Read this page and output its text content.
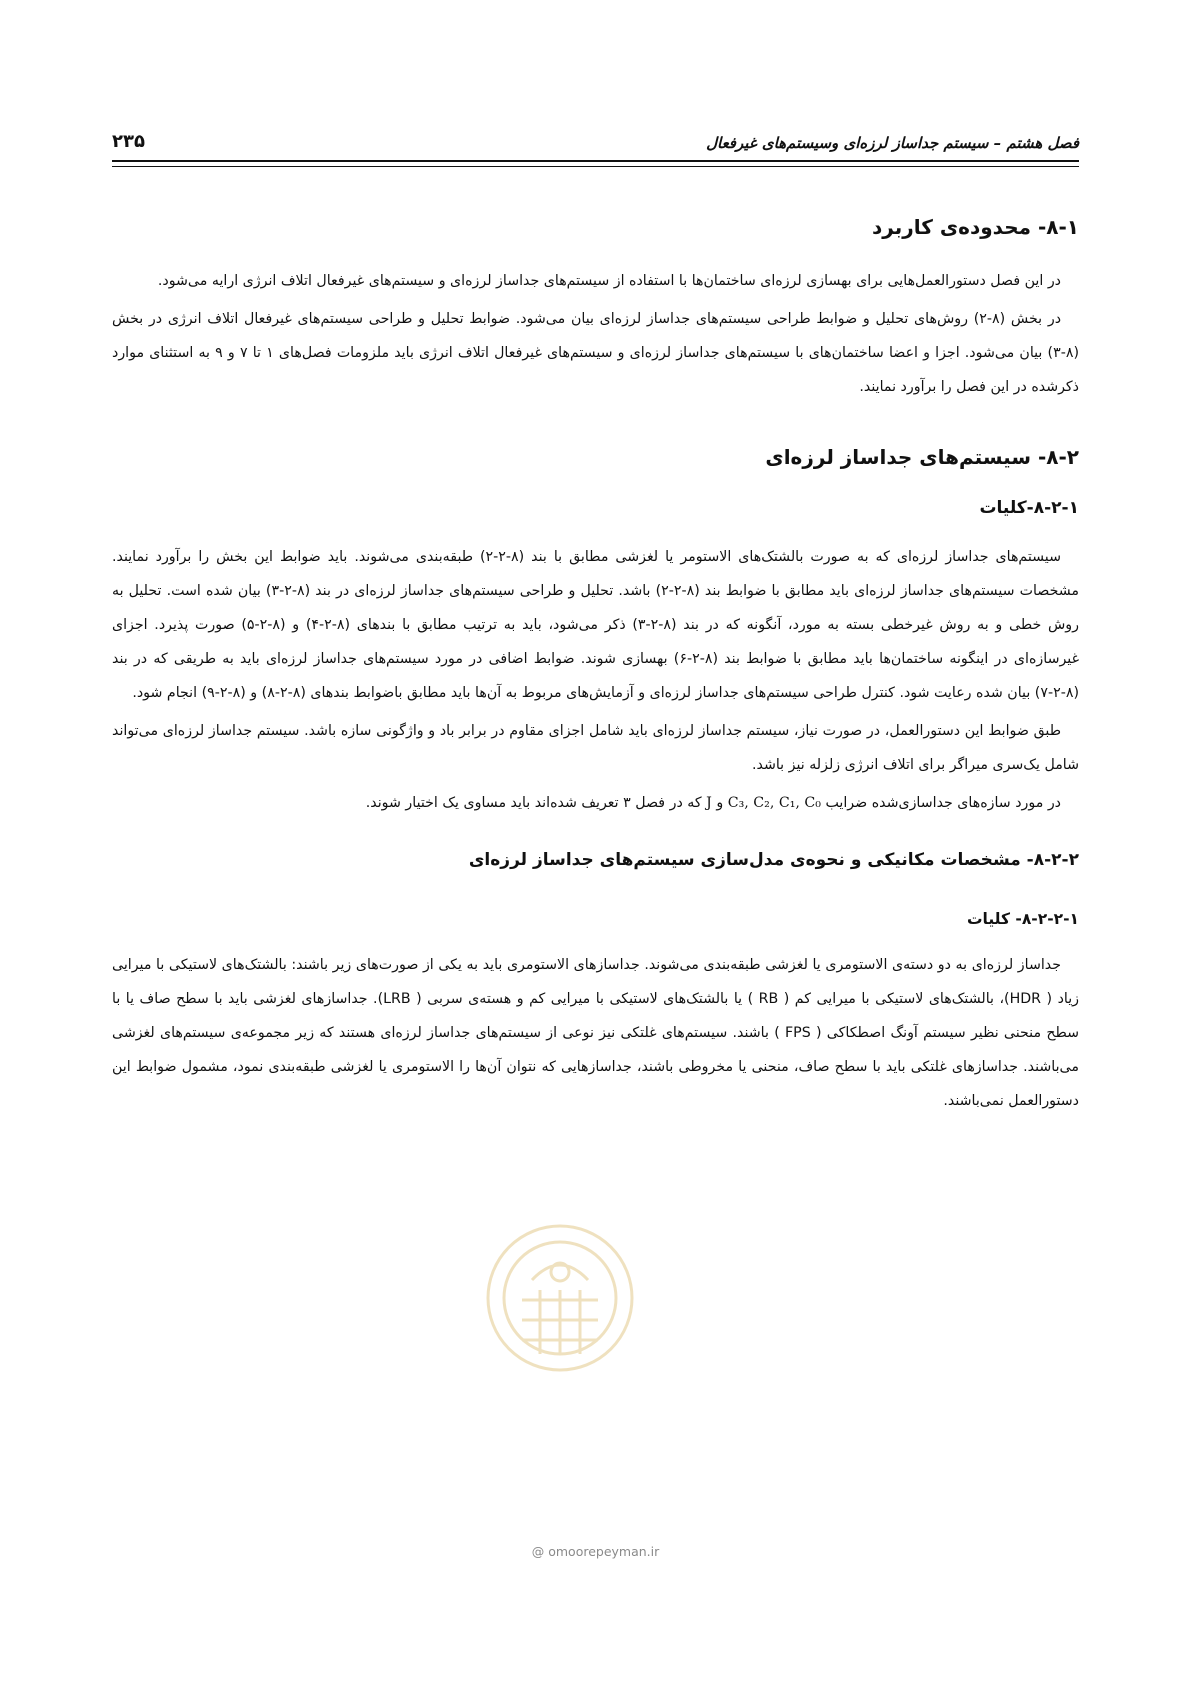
فصل هشتم – سیستم جداساز لرزه‌ای وسیستم‌های غیرفعال
۲۳۵
۸-۱- محدوده‌ی کاربرد

در این فصل دستورالعمل‌هایی برای بهسازی لرزه‌ای ساختمان‌ها با استفاده از سیستم‌های جداساز لرزه‌ای و سیستم‌های غیرفعال اتلاف انرژی ارایه می‌شود.

در بخش (۸-۲) روش‌های تحلیل و ضوابط طراحی سیستم‌های جداساز لرزه‌ای بیان می‌شود. ضوابط تحلیل و طراحی سیستم‌های غیرفعال اتلاف انرژی در بخش (۸-۳) بیان می‌شود. اجزا و اعضا ساختمان‌های با سیستم‌های جداساز لرزه‌ای و سیستم‌های غیرفعال اتلاف انرژی باید ملزومات فصل‌های ۱ تا ۷ و ۹ به استثنای موارد ذکرشده در این فصل را برآورد نمایند.

۸-۲- سیستم‌های جداساز لرزه‌ای
۸-۲-۱-کلیات

سیستم‌های جداساز لرزه‌ای که به صورت بالشتک‌های الاستومر یا لغزشی مطابق با بند (۸-۲-۲) طبقه‌بندی می‌شوند. باید ضوابط این بخش را برآورد نمایند. مشخصات سیستم‌های جداساز لرزه‌ای باید مطابق با ضوابط بند (۸-۲-۲) باشد. تحلیل و طراحی سیستم‌های جداساز لرزه‌ای در بند (۸-۲-۳) بیان شده است. تحلیل به روش خطی و به روش غیرخطی بسته به مورد، آنگونه که در بند (۸-۲-۳) ذکر می‌شود، باید به ترتیب مطابق با بندهای (۸-۲-۴) و (۸-۲-۵) صورت پذیرد. اجزای غیرسازه‌ای در اینگونه ساختمان‌ها باید مطابق با ضوابط بند (۸-۲-۶) بهسازی شوند. ضوابط اضافی در مورد سیستم‌های جداساز لرزه‌ای باید به طریقی که در بند (۸-۲-۷) بیان شده رعایت شود. کنترل طراحی سیستم‌های جداساز لرزه‌ای و آزمایش‌های مربوط به آن‌ها باید مطابق باضوابط بندهای (۸-۲-۸) و (۸-۲-۹) انجام شود.

طبق ضوابط این دستورالعمل، در صورت نیاز، سیستم جداساز لرزه‌ای باید شامل اجزای مقاوم در برابر باد و واژگونی سازه باشد. سیستم جداساز لرزه‌ای می‌تواند شامل یک‌سری میراگر برای اتلاف انرژی زلزله نیز باشد.

در مورد سازه‌های جداسازی‌شده ضرایب C₃, C₂, C₁, C₀ و J که در فصل ۳ تعریف شده‌اند باید مساوی یک اختیار شوند.

۸-۲-۲- مشخصات مکانیکی و نحوه‌ی مدل‌سازی سیستم‌های جداساز لرزه‌ای
۸-۲-۲-۱- کلیات

جداساز لرزه‌ای به دو دسته‌ی الاستومری یا لغزشی طبقه‌بندی می‌شوند. جداسازهای الاستومری باید به یکی از صورت‌های زیر باشند: بالشتک‌های لاستیکی با میرایی زیاد ( HDR)، بالشتک‌های لاستیکی با میرایی کم ( RB ) یا بالشتک‌های لاستیکی با میرایی کم و هسته‌ی سربی ( LRB). جداسازهای لغزشی باید با سطح صاف یا با سطح منحنی نظیر سیستم آونگ اصطکاکی ( FPS ) باشند. سیستم‌های غلتکی نیز نوعی از سیستم‌های جداساز لرزه‌ای هستند که زیر مجموعه‌ی سیستم‌های لغزشی می‌باشند. جداسازهای غلتکی باید با سطح صاف، منحنی یا مخروطی باشند، جداسازهایی که نتوان آن‌ها را الاستومری یا لغزشی طبقه‌بندی نمود، مشمول ضوابط این دستورالعمل نمی‌باشند.

@ omoorepeyman.ir
